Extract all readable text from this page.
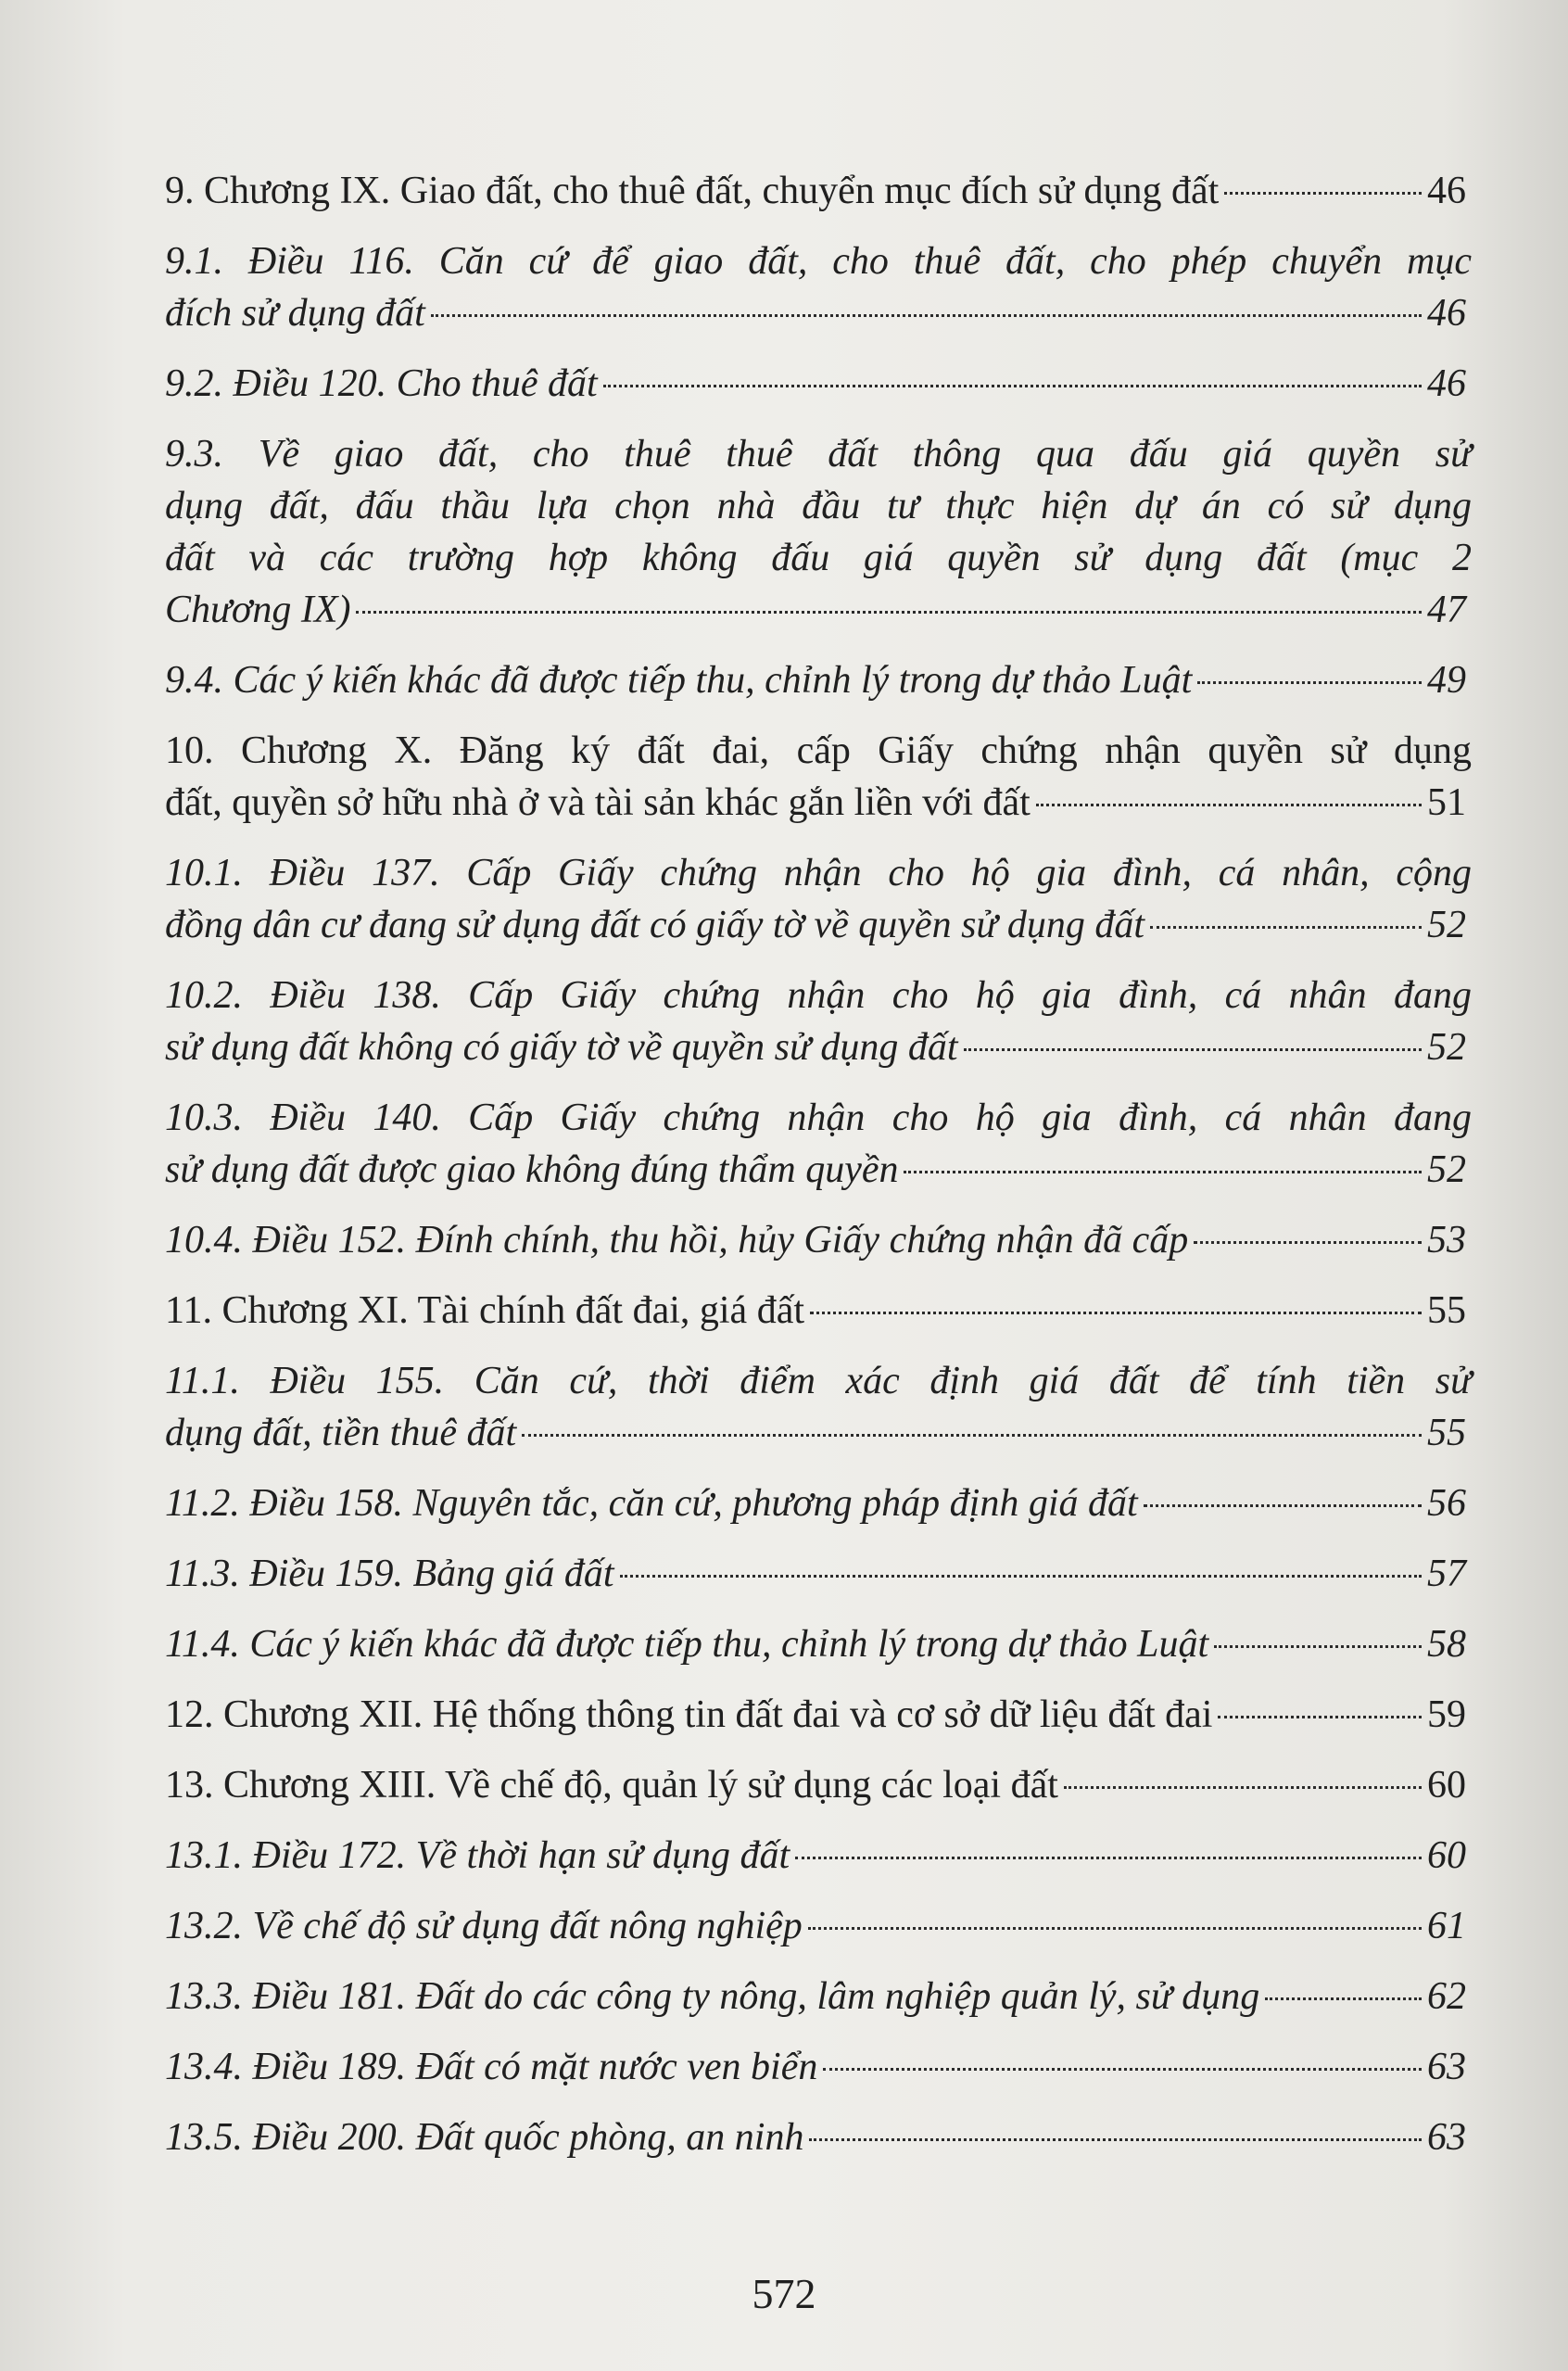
9. Chương IX. Giao đất, cho thuê đất, chuyển mục đích sử dụng đất	46
9.1. Điều 116. Căn cứ để giao đất, cho thuê đất, cho phép chuyển mục
đích sử dụng đất	46
9.2. Điều 120. Cho thuê đất	46
9.3. Về giao đất, cho thuê thuê đất thông qua đấu giá quyền sử
dụng đất, đấu thầu lựa chọn nhà đầu tư thực hiện dự án có sử dụng
đất và các trường hợp không đấu giá quyền sử dụng đất (mục 2
Chương IX)	47
9.4. Các ý kiến khác đã được tiếp thu, chỉnh lý trong dự thảo Luật	49
10. Chương X. Đăng ký đất đai, cấp Giấy chứng nhận quyền sử dụng
đất, quyền sở hữu nhà ở và tài sản khác gắn liền với đất	51
10.1. Điều 137. Cấp Giấy chứng nhận cho hộ gia đình, cá nhân, cộng
đồng dân cư đang sử dụng đất có giấy tờ về quyền sử dụng đất	52
10.2. Điều 138. Cấp Giấy chứng nhận cho hộ gia đình, cá nhân đang
sử dụng đất không có giấy tờ về quyền sử dụng đất	52
10.3. Điều 140. Cấp Giấy chứng nhận cho hộ gia đình, cá nhân đang
sử dụng đất được giao không đúng thẩm quyền	52
10.4. Điều 152. Đính chính, thu hồi, hủy Giấy chứng nhận đã cấp	53
11. Chương XI. Tài chính đất đai, giá đất	55
11.1. Điều 155. Căn cứ, thời điểm xác định giá đất để tính tiền sử
dụng đất, tiền thuê đất	55
11.2. Điều 158. Nguyên tắc, căn cứ, phương pháp định giá đất	56
11.3. Điều 159. Bảng giá đất	57
11.4. Các ý kiến khác đã được tiếp thu, chỉnh lý trong dự thảo Luật	58
12. Chương XII. Hệ thống thông tin đất đai và cơ sở dữ liệu đất đai	59
13. Chương XIII. Về chế độ, quản lý sử dụng các loại đất	60
13.1. Điều 172. Về thời hạn sử dụng đất	60
13.2. Về chế độ sử dụng đất nông nghiệp	61
13.3. Điều 181. Đất do các công ty nông, lâm nghiệp quản lý, sử dụng	62
13.4. Điều 189. Đất có mặt nước ven biển	63
13.5. Điều 200. Đất quốc phòng, an ninh	63
572
